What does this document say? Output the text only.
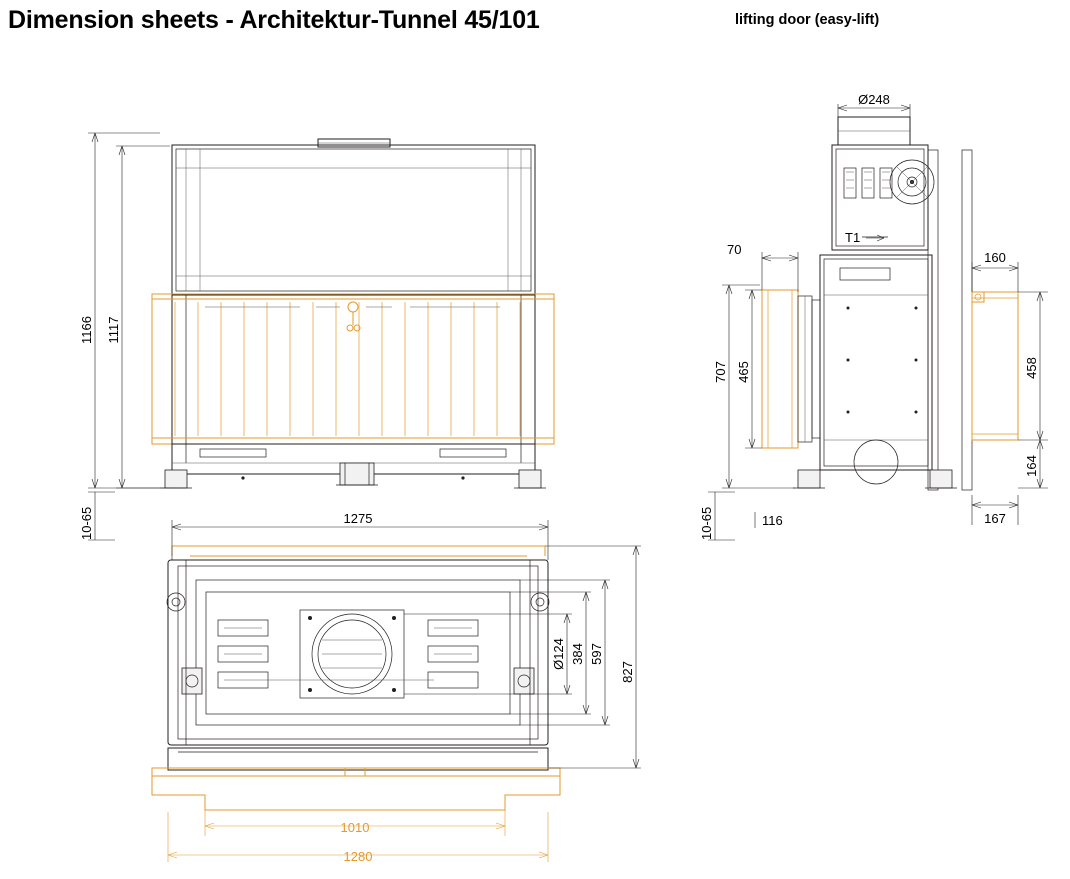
Dimension sheets - Architektur-Tunnel 45/101	lifting door (easy-lift)
1166 1117
10-65
T1
Ø248
70
160
707 465	458
164
10-65	116	167
1275
Ø124 384 597
827
1010
1280
